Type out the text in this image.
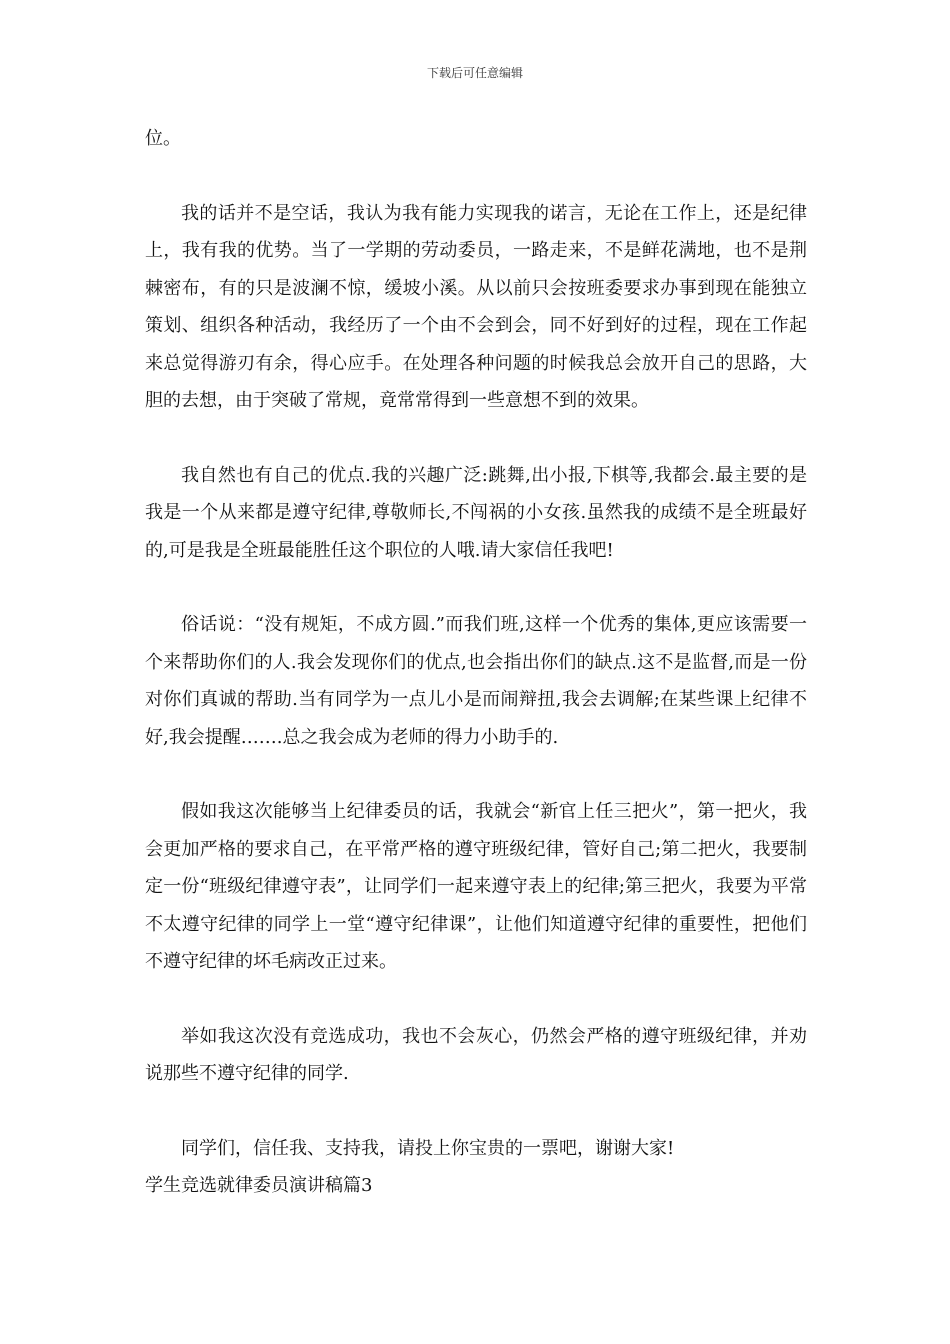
下载后可任意编辑

位。

我的话并不是空话，我认为我有能力实现我的诺言，无论在工作上，还是纪律上，我有我的优势。当了一学期的劳动委员，一路走来，不是鲜花满地，也不是荆棘密布，有的只是波澜不惊，缓坡小溪。从以前只会按班委要求办事到现在能独立策划、组织各种活动，我经历了一个由不会到会，同不好到好的过程，现在工作起来总觉得游刃有余，得心应手。在处理各种问题的时候我总会放开自己的思路，大胆的去想，由于突破了常规，竟常常得到一些意想不到的效果。

我自然也有自己的优点.我的兴趣广泛:跳舞,出小报,下棋等,我都会.最主要的是我是一个从来都是遵守纪律,尊敬师长,不闯祸的小女孩.虽然我的成绩不是全班最好的,可是我是全班最能胜任这个职位的人哦.请大家信任我吧!

俗话说：“没有规矩，不成方圆.”而我们班,这样一个优秀的集体,更应该需要一个来帮助你们的人.我会发现你们的优点,也会指出你们的缺点.这不是监督,而是一份对你们真诚的帮助.当有同学为一点儿小是而闹辩扭,我会去调解;在某些课上纪律不好,我会提醒…….总之我会成为老师的得力小助手的.

假如我这次能够当上纪律委员的话，我就会“新官上任三把火”，第一把火，我会更加严格的要求自己，在平常严格的遵守班级纪律，管好自己;第二把火，我要制定一份“班级纪律遵守表”，让同学们一起来遵守表上的纪律;第三把火，我要为平常不太遵守纪律的同学上一堂“遵守纪律课”，让他们知道遵守纪律的重要性，把他们不遵守纪律的坏毛病改正过来。

举如我这次没有竞选成功，我也不会灰心，仍然会严格的遵守班级纪律，并劝说那些不遵守纪律的同学.

同学们，信任我、支持我，请投上你宝贵的一票吧，谢谢大家!

学生竞选就律委员演讲稿篇3
